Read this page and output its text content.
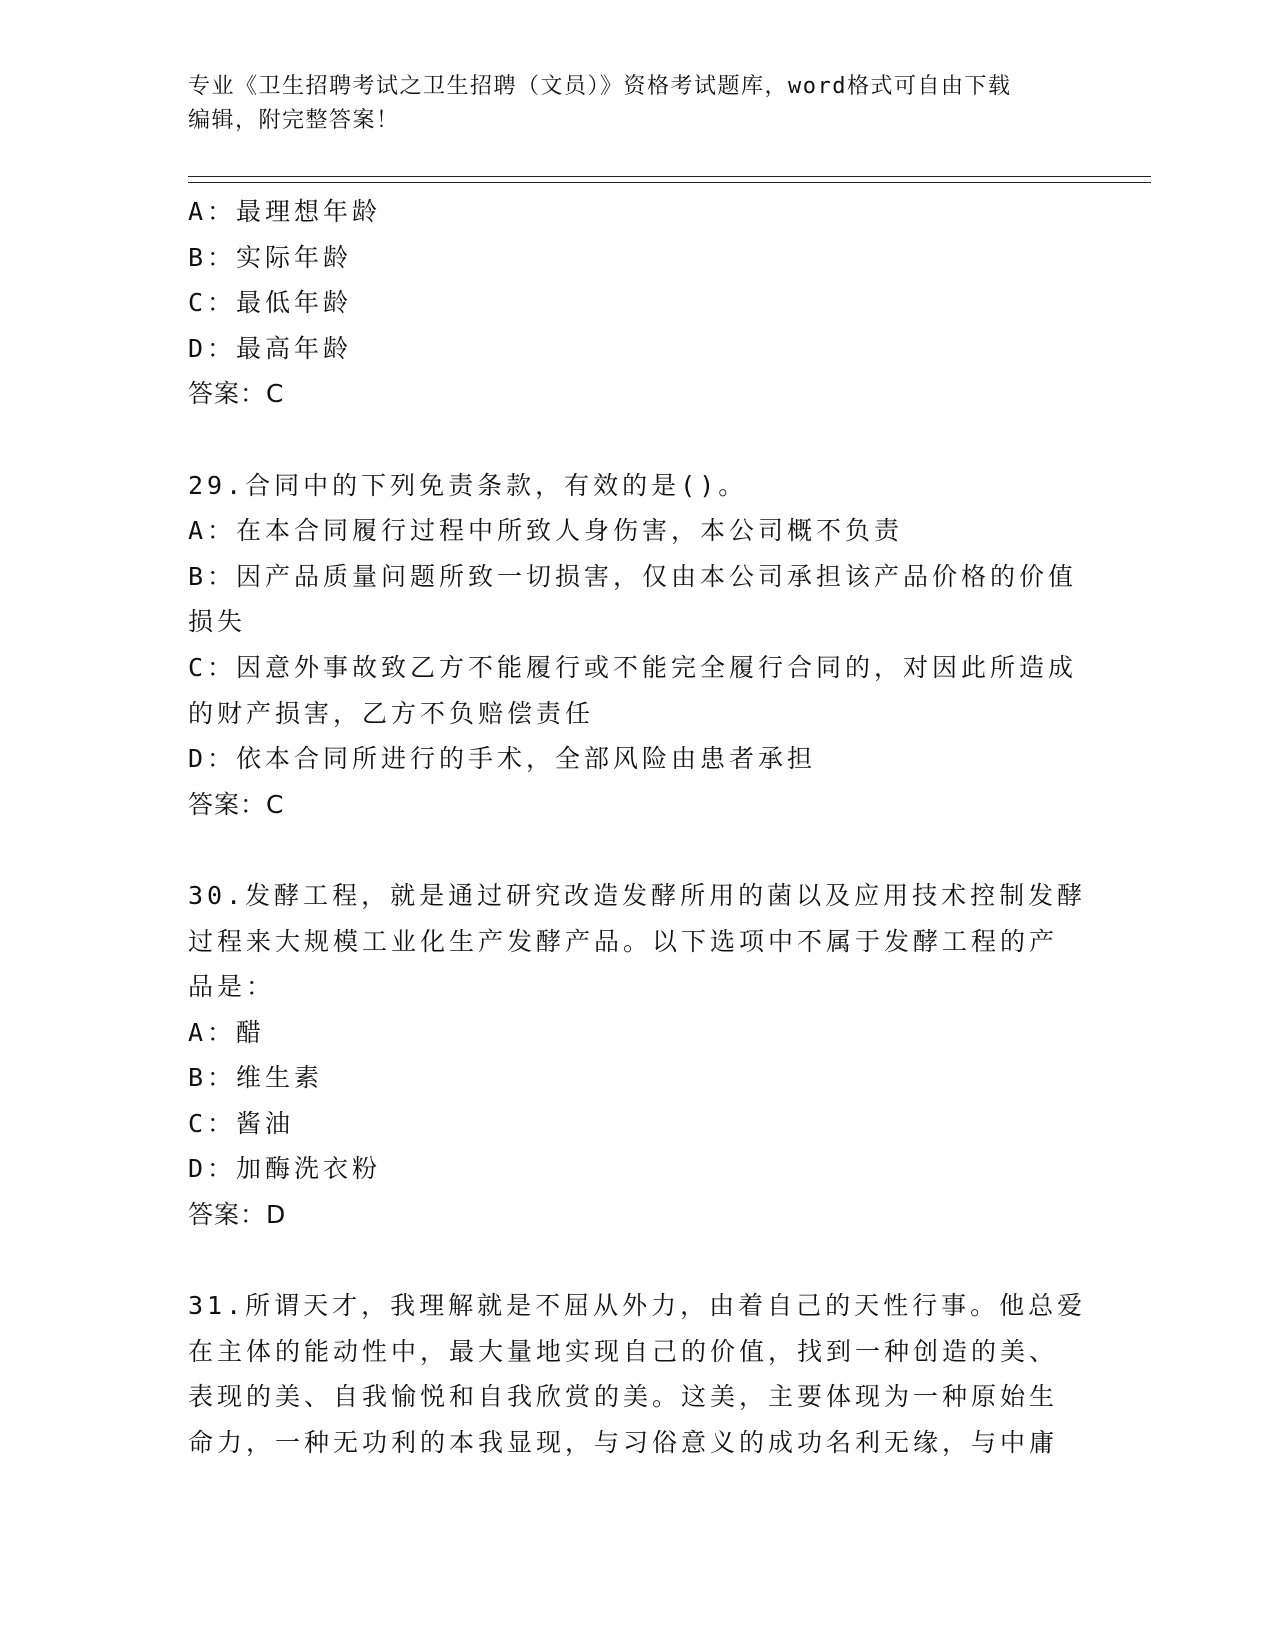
专业《卫生招聘考试之卫生招聘（文员）》资格考试题库，word格式可自由下载
编辑，附完整答案！
A：最理想年龄
B：实际年龄
C：最低年龄
D：最高年龄
答案：C
29.合同中的下列免责条款，有效的是()。
A：在本合同履行过程中所致人身伤害，本公司概不负责
B：因产品质量问题所致一切损害，仅由本公司承担该产品价格的价值
损失
C：因意外事故致乙方不能履行或不能完全履行合同的，对因此所造成
的财产损害，乙方不负赔偿责任
D：依本合同所进行的手术，全部风险由患者承担
答案：C
30.发酵工程，就是通过研究改造发酵所用的菌以及应用技术控制发酵
过程来大规模工业化生产发酵产品。以下选项中不属于发酵工程的产
品是：
A：醋
B：维生素
C：酱油
D：加酶洗衣粉
答案：D
31.所谓天才，我理解就是不屈从外力，由着自己的天性行事。他总爱
在主体的能动性中，最大量地实现自己的价值，找到一种创造的美、
表现的美、自我愉悦和自我欣赏的美。这美，主要体现为一种原始生
命力，一种无功利的本我显现，与习俗意义的成功名利无缘，与中庸
